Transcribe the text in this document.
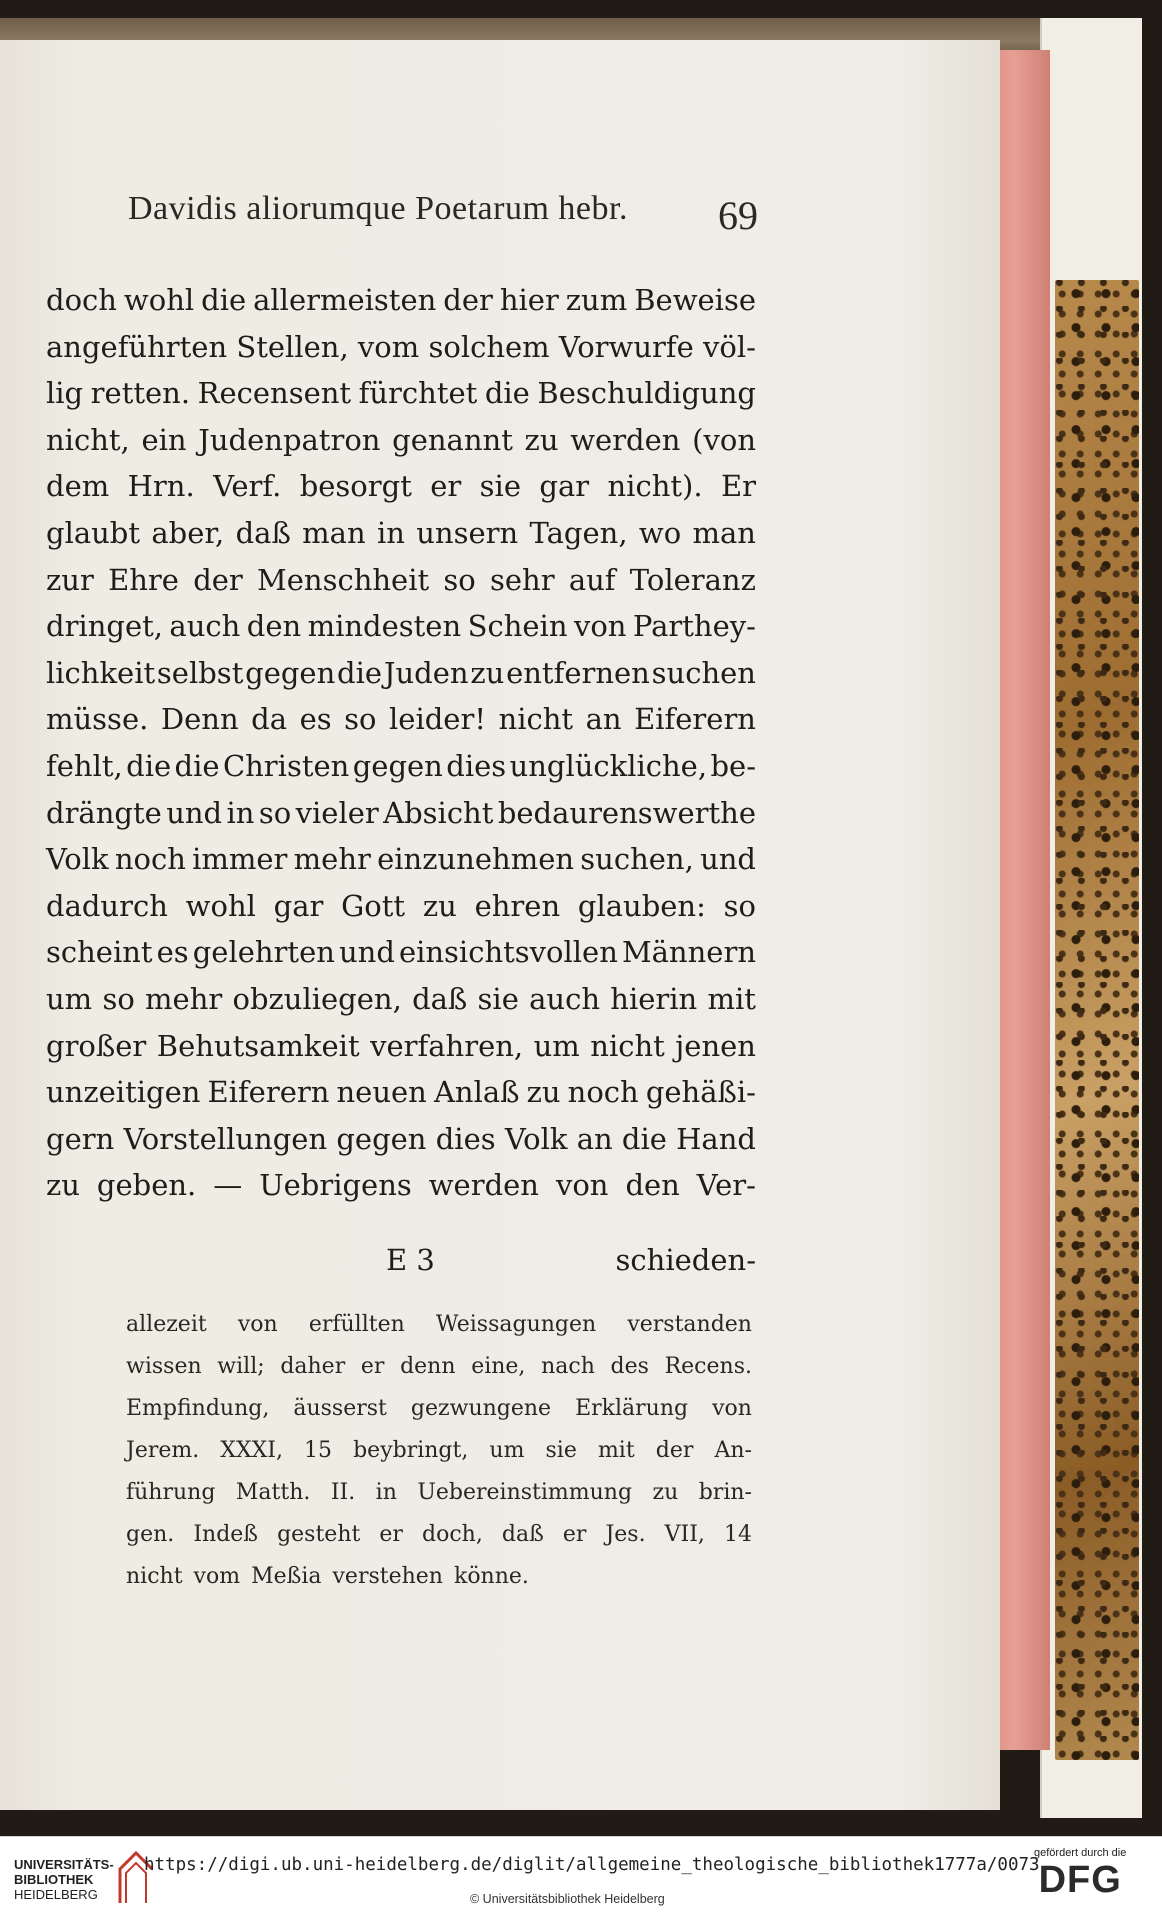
Davidis aliorumque Poetarum hebr. 69
doch wohl die allermeisten der hier zum Beweise
angeführten Stellen, vom solchem Vorwurfe völ-
lig retten. Recensent fürchtet die Beschuldigung
nicht, ein Judenpatron genannt zu werden (von
dem Hrn. Verf. besorgt er sie gar nicht). Er
glaubt aber, daß man in unsern Tagen, wo man
zur Ehre der Menschheit so sehr auf Toleranz
dringet, auch den mindesten Schein von Parthey-
lichkeit selbst gegen die Juden zu entfernen suchen
müsse. Denn da es so leider! nicht an Eiferern
fehlt, die die Christen gegen dies unglückliche, be-
drängte und in so vieler Absicht bedaurenswerthe
Volk noch immer mehr einzunehmen suchen, und
dadurch wohl gar Gott zu ehren glauben: so
scheint es gelehrten und einsichtsvollen Männern
um so mehr obzuliegen, daß sie auch hierin mit
großer Behutsamkeit verfahren, um nicht jenen
unzeitigen Eiferern neuen Anlaß zu noch gehäßi-
gern Vorstellungen gegen dies Volk an die Hand
zu geben. — Uebrigens werden von den Ver-
E 3	schieden-
allezeit von erfüllten Weissagungen verstanden
wissen will; daher er denn eine, nach des Recens.
Empfindung, äusserst gezwungene Erklärung von
Jerem. XXXI, 15 beybringt, um sie mit der An-
führung Matth. II. in Uebereinstimmung zu brin-
gen. Indeß gesteht er doch, daß er Jes. VII, 14
nicht vom Meßia verstehen könne.
UNIVERSITÄTS-
BIBLIOTHEK
HEIDELBERG
https://digi.ub.uni-heidelberg.de/diglit/allgemeine_theologische_bibliothek1777a/0073
© Universitätsbibliothek Heidelberg
gefördert durch die
DFG
